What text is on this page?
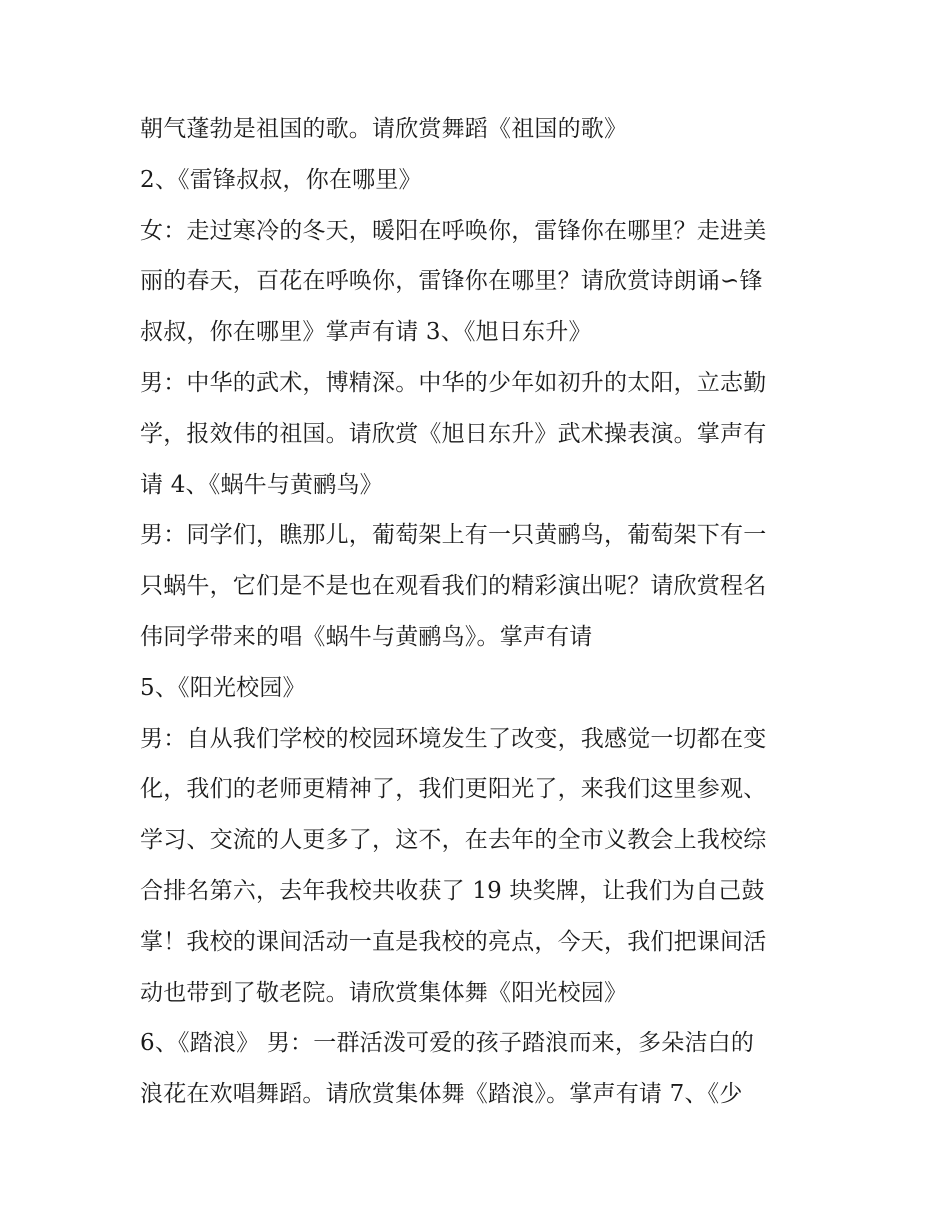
朝气蓬勃是祖国的歌。请欣赏舞蹈《祖国的歌》
2、《雷锋叔叔，你在哪里》
女：走过寒冷的冬天，暖阳在呼唤你，雷锋你在哪里？走进美
丽的春天，百花在呼唤你，雷锋你在哪里？请欣赏诗朗诵∽锋
叔叔，你在哪里》掌声有请 3、《旭日东升》
男：中华的武术，博精深。中华的少年如初升的太阳，立志勤
学，报效伟的祖国。请欣赏《旭日东升》武术操表演。掌声有
请 4、《蜗牛与黄鹂鸟》
男：同学们，瞧那儿，葡萄架上有一只黄鹂鸟，葡萄架下有一
只蜗牛，它们是不是也在观看我们的精彩演出呢？请欣赏程名
伟同学带来的唱《蜗牛与黄鹂鸟》。掌声有请
5、《阳光校园》
男：自从我们学校的校园环境发生了改变，我感觉一切都在变
化，我们的老师更精神了，我们更阳光了，来我们这里参观、
学习、交流的人更多了，这不，在去年的全市义教会上我校综
合排名第六，去年我校共收获了 19 块奖牌，让我们为自己鼓
掌！我校的课间活动一直是我校的亮点，今天，我们把课间活
动也带到了敬老院。请欣赏集体舞《阳光校园》
6、《踏浪》 男：一群活泼可爱的孩子踏浪而来，多朵洁白的
浪花在欢唱舞蹈。请欣赏集体舞《踏浪》。掌声有请 7、《少
